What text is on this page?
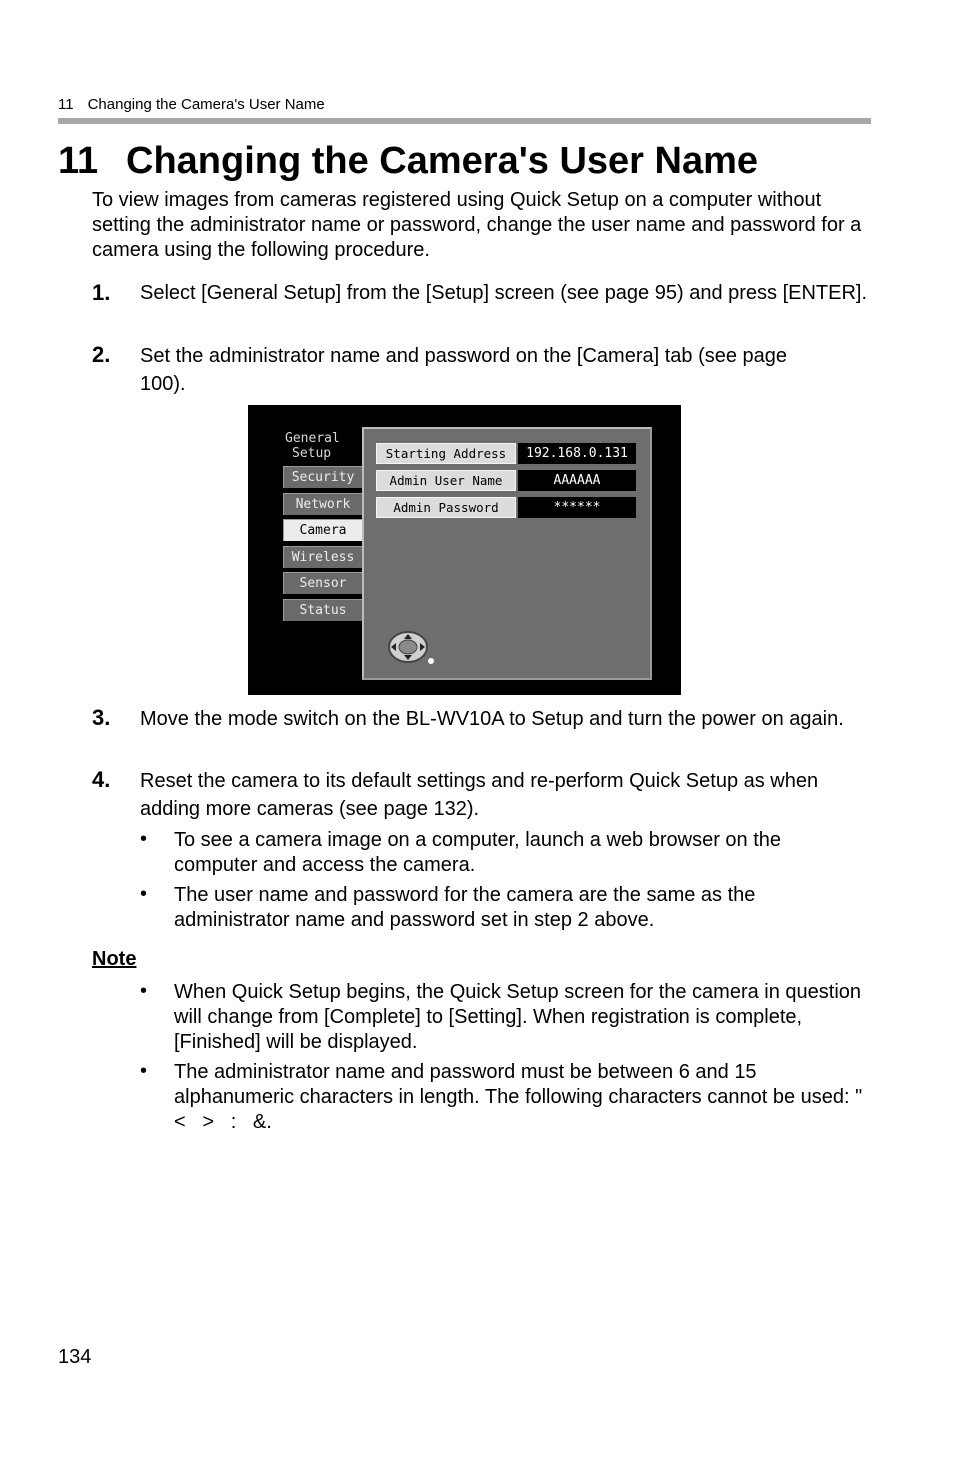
11 Changing the Camera's User Name
11 Changing the Camera's User Name

To view images from cameras registered using Quick Setup on a computer without setting the administrator name or password, change the user name and password for a camera using the following procedure.

1. Select [General Setup] from the [Setup] screen (see page 95) and press [ENTER].
2. Set the administrator name and password on the [Camera] tab (see page 100).
General
Setup
Security
Network
Camera
Wireless
Sensor
Status
Starting Address	192.168.0.131
Admin User Name	AAAAAA
Admin Password	******
3. Move the mode switch on the BL-WV10A to Setup and turn the power on again.
4. Reset the camera to its default settings and re-perform Quick Setup as when adding more cameras (see page 132).
• To see a camera image on a computer, launch a web browser on the computer and access the camera.
• The user name and password for the camera are the same as the administrator name and password set in step 2 above.
Note
• When Quick Setup begins, the Quick Setup screen for the camera in question will change from [Complete] to [Setting]. When registration is complete, [Finished] will be displayed.
• The administrator name and password must be between 6 and 15 alphanumeric characters in length. The following characters cannot be used: "   <   >   :   &.
134
